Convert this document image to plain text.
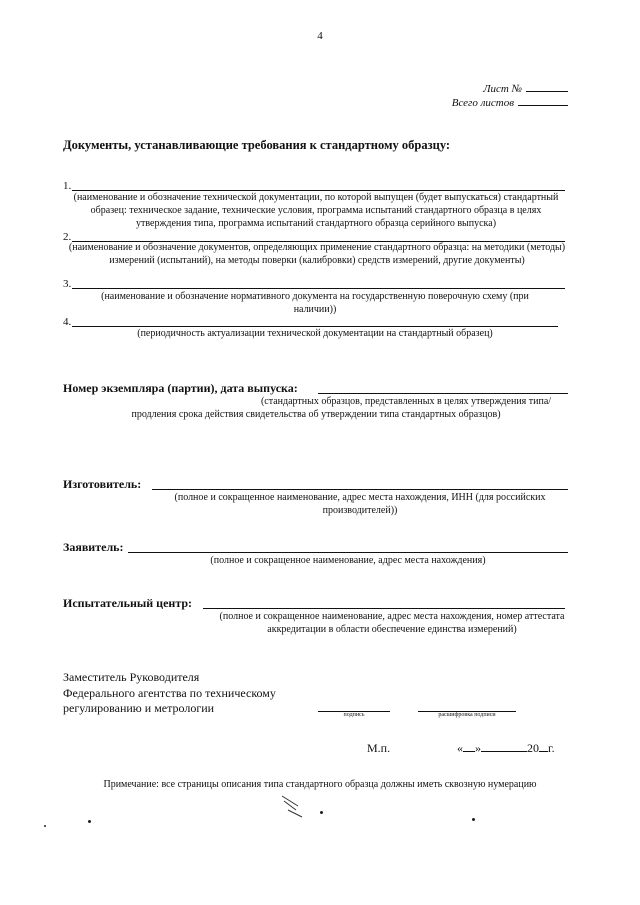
4
Лист №
Всего листов
Документы, устанавливающие требования к стандартному образцу:
1.
(наименование и обозначение технической документации, по которой выпущен (будет выпускаться) стандартный образец: техническое задание, технические условия, программа испытаний стандартного образца в целях утверждения типа, программа испытаний стандартного образца серийного выпуска)
2.
(наименование и обозначение документов, определяющих применение стандартного образца: на методики (методы) измерений (испытаний), на методы поверки (калибровки) средств измерений, другие документы)
3.
(наименование и обозначение нормативного документа на государственную поверочную схему (при наличии))
4.
(периодичность актуализации технической документации на стандартный образец)
Номер экземпляра (партии), дата выпуска:
(стандартных образцов, представленных в целях утверждения типа/продления срока действия свидетельства об утверждении типа стандартных образцов)
Изготовитель:
(полное и сокращенное наименование, адрес места нахождения, ИНН (для российских производителей))
Заявитель:
(полное и сокращенное наименование, адрес места нахождения)
Испытательный центр:
(полное и сокращенное наименование, адрес места нахождения, номер аттестата аккредитации в области обеспечение единства измерений)
Заместитель Руководителя
Федерального агентства по техническому
регулированию и метрологии	подпись	расшифровка подписи
М.п.	« »	20 г.
Примечание: все страницы описания типа стандартного образца должны иметь сквозную нумерацию
